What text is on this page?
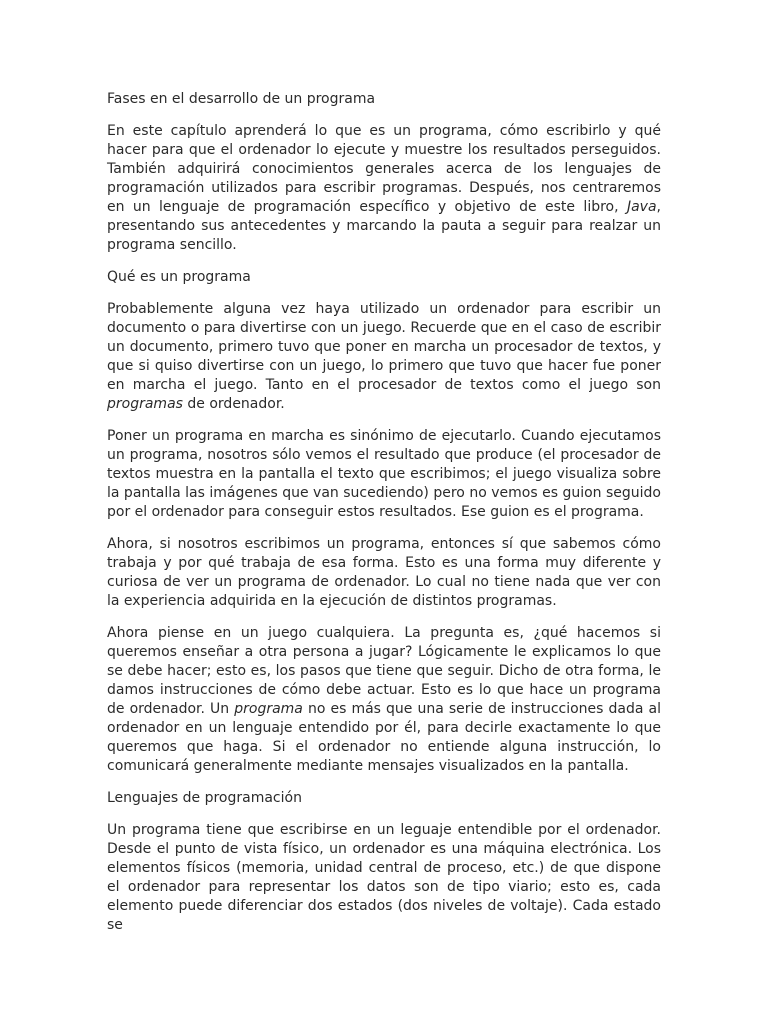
Fases en el desarrollo de un programa

En este capítulo aprenderá lo que es un programa, cómo escribirlo y qué hacer para que el ordenador lo ejecute y muestre los resultados perseguidos. También adquirirá conocimientos generales acerca de los lenguajes de programación utilizados para escribir programas. Después, nos centraremos en un lenguaje de programación específico y objetivo de este libro, Java, presentando sus antecedentes y marcando la pauta a seguir para realzar un programa sencillo.

Qué es un programa

Probablemente alguna vez haya utilizado un ordenador para escribir un documento o para divertirse con un juego. Recuerde que en el caso de escribir un documento, primero tuvo que poner en marcha un procesador de textos, y que si quiso divertirse con un juego, lo primero que tuvo que hacer fue poner en marcha el juego. Tanto en el procesador de textos como el juego son programas de ordenador.

Poner un programa en marcha es sinónimo de ejecutarlo. Cuando ejecutamos un programa, nosotros sólo vemos el resultado que produce (el procesador de textos muestra en la pantalla el texto que escribimos; el juego visualiza sobre la pantalla las imágenes que van sucediendo) pero no vemos es guion seguido por el ordenador para conseguir estos resultados. Ese guion es el programa.

Ahora, si nosotros escribimos un programa, entonces sí que sabemos cómo trabaja y por qué trabaja de esa forma. Esto es una forma muy diferente y curiosa de ver un programa de ordenador. Lo cual no tiene nada que ver con la experiencia adquirida en la ejecución de distintos programas.

Ahora piense en un juego cualquiera. La pregunta es, ¿qué hacemos si queremos enseñar a otra persona a jugar? Lógicamente le explicamos lo que se debe hacer; esto es, los pasos que tiene que seguir. Dicho de otra forma, le damos instrucciones de cómo debe actuar. Esto es lo que hace un programa de ordenador. Un programa no es más que una serie de instrucciones dada al ordenador en un lenguaje entendido por él, para decirle exactamente lo que queremos que haga. Si el ordenador no entiende alguna instrucción, lo comunicará generalmente mediante mensajes visualizados en la pantalla.

Lenguajes de programación

Un programa tiene que escribirse en un leguaje entendible por el ordenador. Desde el punto de vista físico, un ordenador es una máquina electrónica. Los elementos físicos (memoria, unidad central de proceso, etc.) de que dispone el ordenador para representar los datos son de tipo viario; esto es, cada elemento puede diferenciar dos estados (dos niveles de voltaje). Cada estado se
